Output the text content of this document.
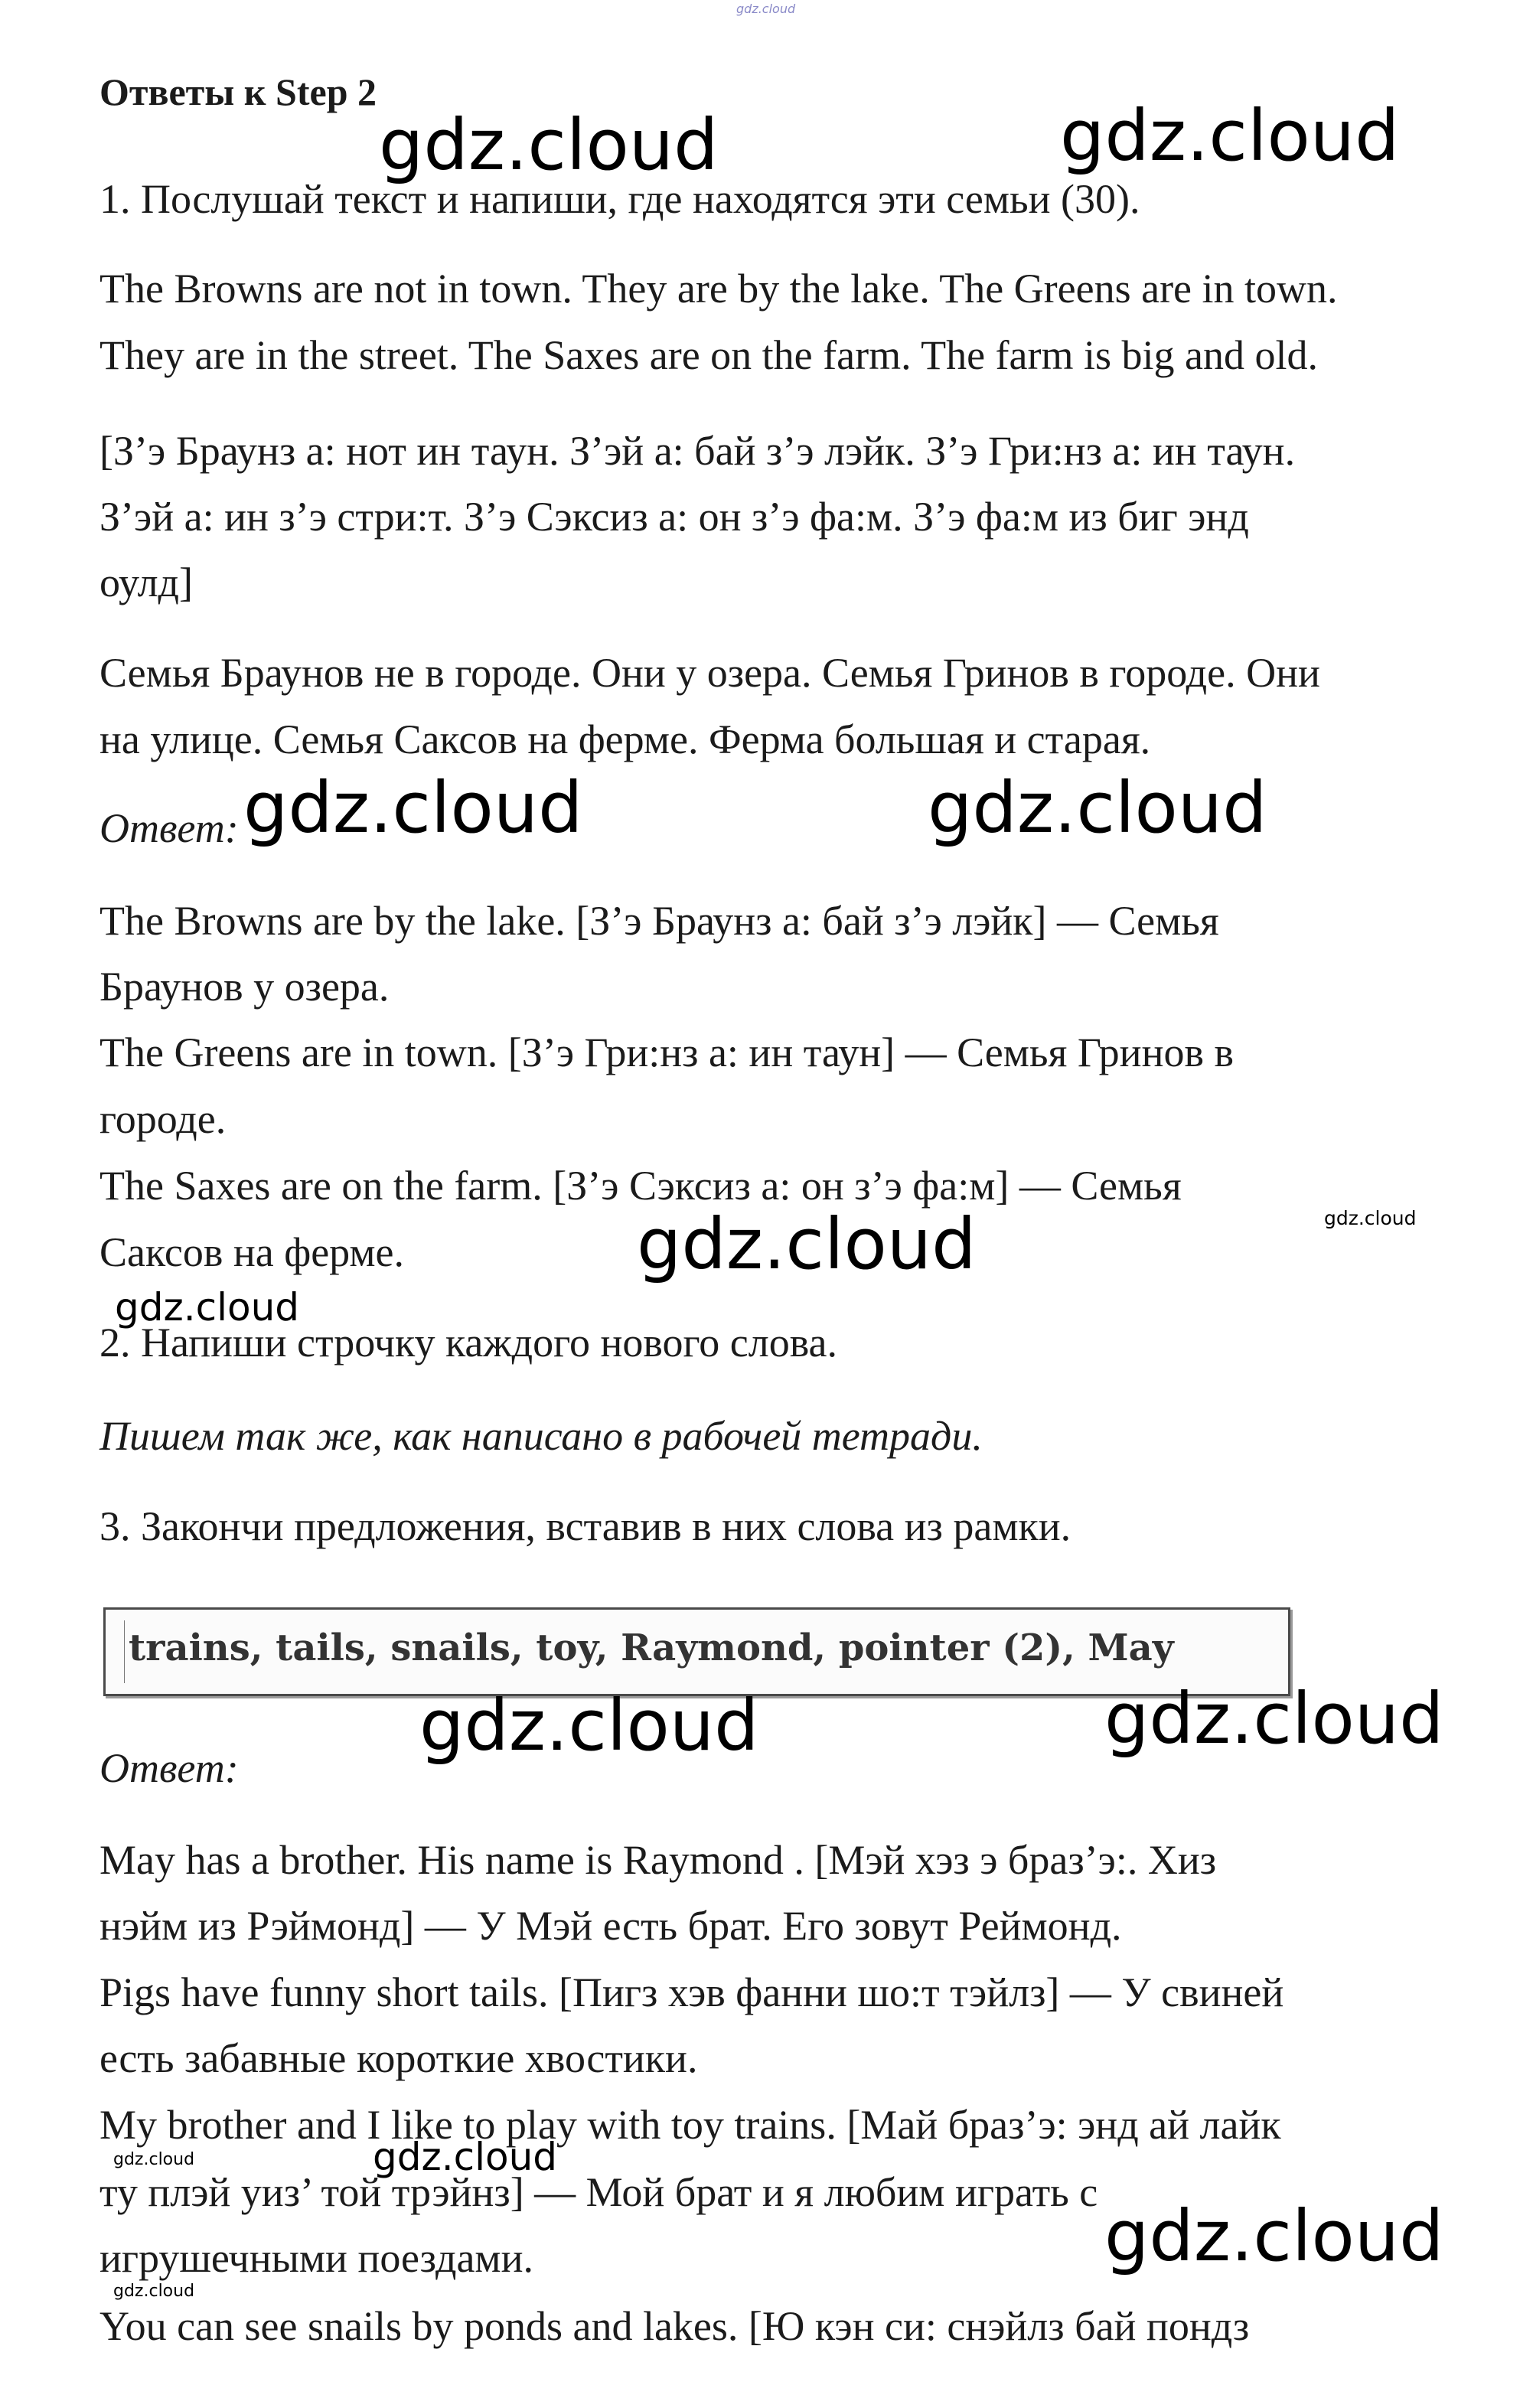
gdz.cloud
Ответы к Step 2
1. Послушай текст и напиши, где находятся эти семьи (30).
The Browns are not in town. They are by the lake. The Greens are in town.
They are in the street. The Saxes are on the farm. The farm is big and old.
[З’э Браунз а: нот ин таун. З’эй а: бай з’э лэйк. З’э Гри:нз а: ин таун.
З’эй а: ин з’э стри:т. З’э Сэксиз а: он з’э фа:м. З’э фа:м из биг энд
оулд]
Семья Браунов не в городе. Они у озера. Семья Гринов в городе. Они
на улице. Семья Саксов на ферме. Ферма большая и старая.
Ответ:
The Browns are by the lake. [З’э Браунз а: бай з’э лэйк] — Семья
Браунов у озера.
The Greens are in town. [З’э Гри:нз а: ин таун] — Семья Гринов в
городе.
The Saxes are on the farm. [З’э Сэксиз а: он з’э фа:м] — Семья
Саксов на ферме.
2. Напиши строчку каждого нового слова.
Пишем так же, как написано в рабочей тетради.
3. Закончи предложения, вставив в них слова из рамки.
trains, tails, snails, toy, Raymond, pointer (2), May
Ответ:
May has a brother. His name is Raymond . [Мэй хэз э браз’э:. Хиз
нэйм из Рэймонд] — У Мэй есть брат. Его зовут Реймонд.
Pigs have funny short tails. [Пигз хэв фанни шо:т тэйлз] — У свиней
есть забавные короткие хвостики.
My brother and I like to play with toy trains. [Май браз’э: энд ай лайк
ту плэй уиз’ той трэйнз] — Мой брат и я любим играть с
игрушечными поездами.
You can see snails by ponds and lakes. [Ю кэн си: снэйлз бай пондз
gdz.cloud	gdz.cloud
gdz.cloud	gdz.cloud
gdz.cloud
gdz.cloud
gdz.cloud
gdz.cloud	gdz.cloud
gdz.cloud	gdz.cloud
gdz.cloud
gdz.cloud
